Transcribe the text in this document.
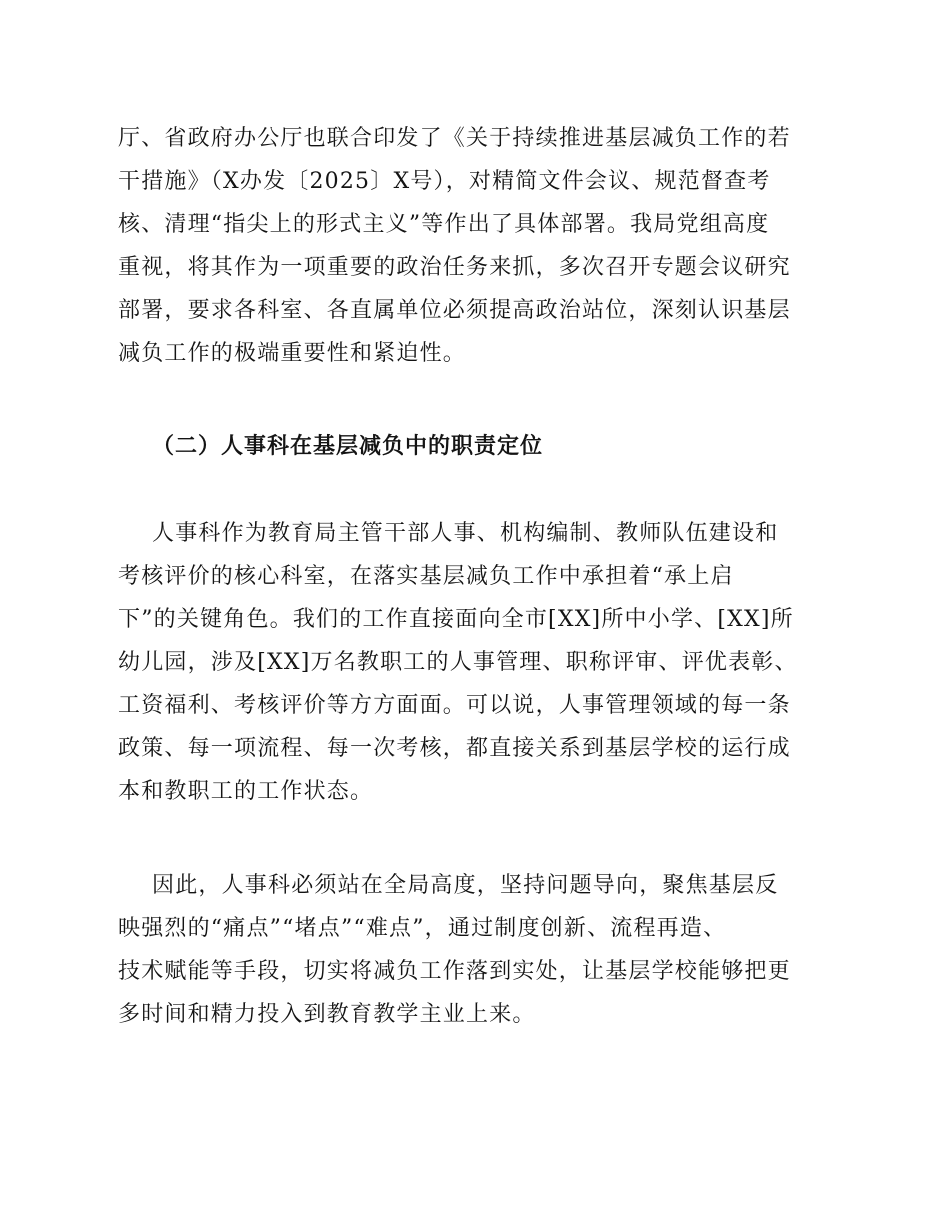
厅、省政府办公厅也联合印发了《关于持续推进基层减负工作的若
干措施》（X办发〔2025〕X号），对精简文件会议、规范督查考
核、清理“指尖上的形式主义”等作出了具体部署。我局党组高度
重视，将其作为一项重要的政治任务来抓，多次召开专题会议研究
部署，要求各科室、各直属单位必须提高政治站位，深刻认识基层
减负工作的极端重要性和紧迫性。
（二）人事科在基层减负中的职责定位
人事科作为教育局主管干部人事、机构编制、教师队伍建设和
考核评价的核心科室，在落实基层减负工作中承担着“承上启
下”的关键角色。我们的工作直接面向全市[XX]所中小学、[XX]所
幼儿园，涉及[XX]万名教职工的人事管理、职称评审、评优表彰、
工资福利、考核评价等方方面面。可以说，人事管理领域的每一条
政策、每一项流程、每一次考核，都直接关系到基层学校的运行成
本和教职工的工作状态。
因此，人事科必须站在全局高度，坚持问题导向，聚焦基层反
映强烈的“痛点”“堵点”“难点”，通过制度创新、流程再造、
技术赋能等手段，切实将减负工作落到实处，让基层学校能够把更
多时间和精力投入到教育教学主业上来。
